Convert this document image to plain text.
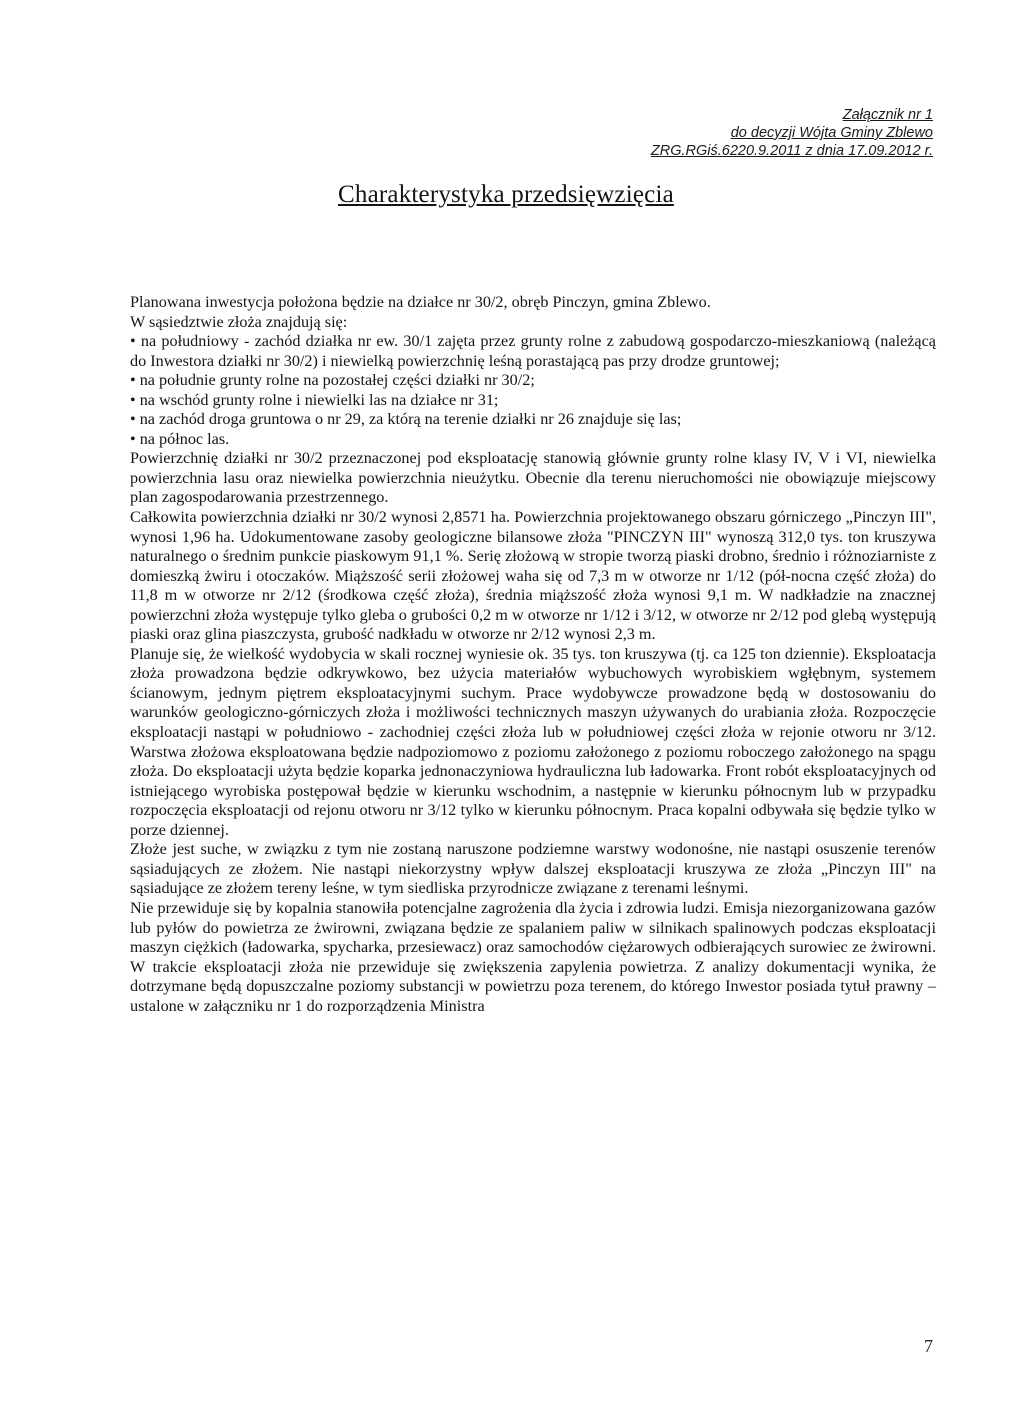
Załącznik nr 1
do decyzji Wójta Gminy Zblewo
ZRG.RGiś.6220.9.2011 z dnia 17.09.2012 r.
Charakterystyka przedsięwzięcia
Planowana inwestycja położona będzie na działce nr 30/2, obręb Pinczyn, gmina Zblewo.
W sąsiedztwie złoża znajdują się:
• na południowy - zachód działka nr ew. 30/1 zajęta przez grunty rolne z zabudową gospodarczo-mieszkaniową (należącą do Inwestora działki nr 30/2) i niewielką powierzchnię leśną porastającą pas przy drodze gruntowej;
• na południe grunty rolne na pozostałej części działki nr 30/2;
• na wschód grunty rolne i niewielki las na działce nr 31;
• na zachód droga gruntowa o nr 29, za którą na terenie działki nr 26 znajduje się las;
• na północ las.
Powierzchnię działki nr 30/2 przeznaczonej pod eksploatację stanowią głównie grunty rolne klasy IV, V i VI, niewielka powierzchnia lasu oraz niewielka powierzchnia nieużytku. Obecnie dla terenu nieruchomości nie obowiązuje miejscowy plan zagospodarowania przestrzennego.
Całkowita powierzchnia działki nr 30/2 wynosi 2,8571 ha. Powierzchnia projektowanego obszaru górniczego „Pinczyn III", wynosi 1,96 ha. Udokumentowane zasoby geologiczne bilansowe złoża "PINCZYN III" wynoszą 312,0 tys. ton kruszywa naturalnego o średnim punkcie piaskowym 91,1 %. Serię złożową w stropie tworzą piaski drobno, średnio i różnoziarniste z domieszką żwiru i otoczaków. Miąższość serii złożowej waha się od 7,3 m w otworze nr 1/12 (pół-nocna część złoża) do 11,8 m w otworze nr 2/12 (środkowa część złoża), średnia miąższość złoża wynosi 9,1 m. W nadkładzie na znacznej powierzchni złoża występuje tylko gleba o grubości 0,2 m w otworze nr 1/12 i 3/12, w otworze nr 2/12 pod glebą występują piaski oraz glina piaszczysta, grubość nadkładu w otworze nr 2/12 wynosi 2,3 m.
Planuje się, że wielkość wydobycia w skali rocznej wyniesie ok. 35 tys. ton kruszywa (tj. ca 125 ton dziennie). Eksploatacja złoża prowadzona będzie odkrywkowo, bez użycia materiałów wybuchowych wyrobiskiem wgłębnym, systemem ścianowym, jednym piętrem eksploatacyjnymi suchym. Prace wydobywcze prowadzone będą w dostosowaniu do warunków geologiczno-górniczych złoża i możliwości technicznych maszyn używanych do urabiania złoża. Rozpoczęcie eksploatacji nastąpi w południowo - zachodniej części złoża lub w południowej części złoża w rejonie otworu nr 3/12. Warstwa złożowa eksploatowana będzie nadpoziomowo z poziomu założonego z poziomu roboczego założonego na spągu złoża. Do eksploatacji użyta będzie koparka jednonaczyniowa hydrauliczna lub ładowarka. Front robót eksploatacyjnych od istniejącego wyrobiska postępował będzie w kierunku wschodnim, a następnie w kierunku północnym lub w przypadku rozpoczęcia eksploatacji od rejonu otworu nr 3/12 tylko w kierunku północnym. Praca kopalni odbywała się będzie tylko w porze dziennej.
Złoże jest suche, w związku z tym nie zostaną naruszone podziemne warstwy wodonośne, nie nastąpi osuszenie terenów sąsiadujących ze złożem. Nie nastąpi niekorzystny wpływ dalszej eksploatacji kruszywa ze złoża „Pinczyn III" na sąsiadujące ze złożem tereny leśne, w tym siedliska przyrodnicze związane z terenami leśnymi.
Nie przewiduje się by kopalnia stanowiła potencjalne zagrożenia dla życia i zdrowia ludzi. Emisja niezorganizowana gazów lub pyłów do powietrza ze żwirowni, związana będzie ze spalaniem paliw w silnikach spalinowych podczas eksploatacji maszyn ciężkich (ładowarka, spycharka, przesiewacz) oraz samochodów ciężarowych odbierających surowiec ze żwirowni. W trakcie eksploatacji złoża nie przewiduje się zwiększenia zapylenia powietrza. Z analizy dokumentacji wynika, że dotrzymane będą dopuszczalne poziomy substancji w powietrzu poza terenem, do którego Inwestor posiada tytuł prawny – ustalone w załączniku nr 1 do rozporządzenia Ministra
7
